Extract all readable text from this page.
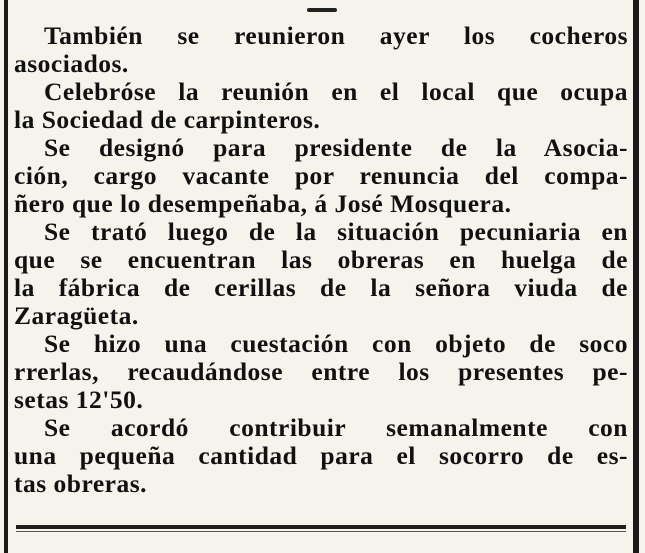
También se reunieron ayer los cocheros
asociados.

Celebróse la reunión en el local que ocupa
la Sociedad de carpinteros.

Se designó para presidente de la Asocia-
ción, cargo vacante por renuncia del compa-
ñero que lo desempeñaba, á José Mosquera.

Se trató luego de la situación pecuniaria en
que se encuentran las obreras en huelga de
la fábrica de cerillas de la señora viuda de
Zaragüeta.

Se hizo una cuestación con objeto de soco
rrerlas, recaudándose entre los presentes pe-
setas 12'50.

Se acordó contribuir semanalmente con
una pequeña cantidad para el socorro de es-
tas obreras.
